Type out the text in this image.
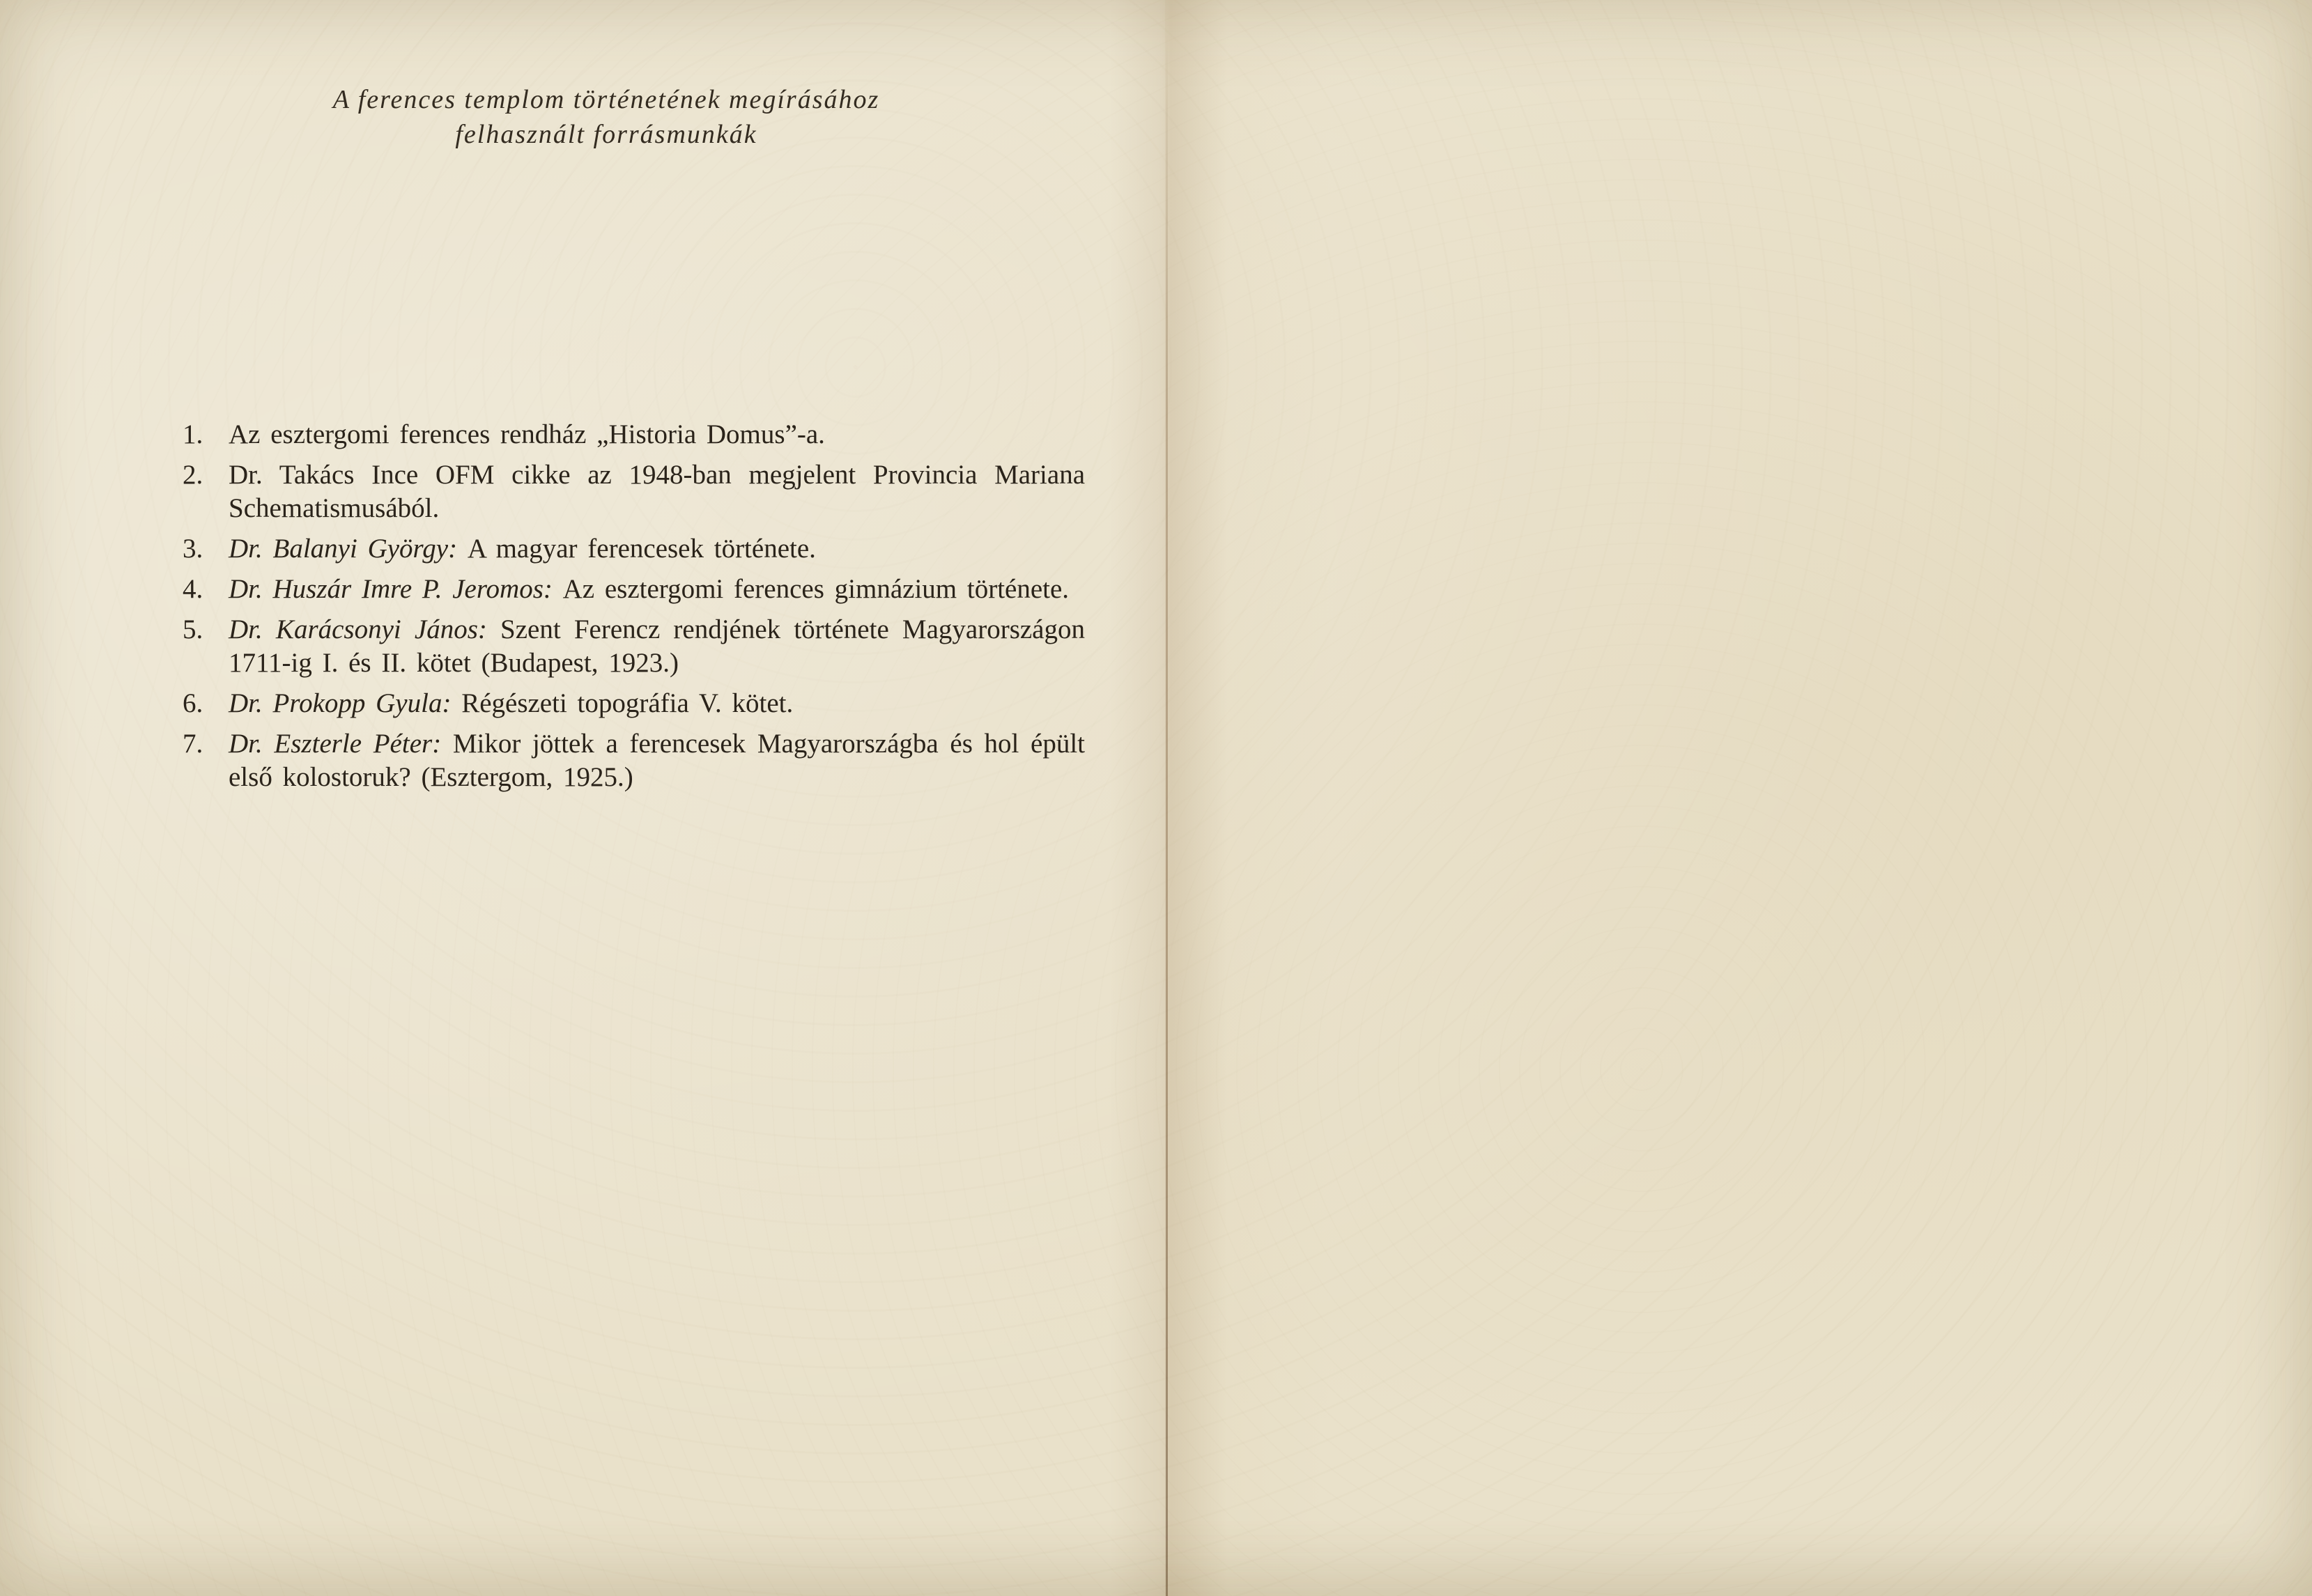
A ferences templom történetének megírásához
felhasznált forrásmunkák
1. Az esztergomi ferences rendház „Historia Domus”-a.
2. Dr. Takács Ince OFM cikke az 1948-ban megjelent Provincia Mariana Schematismusából.
3. Dr. Balanyi György: A magyar ferencesek története.
4. Dr. Huszár Imre P. Jeromos: Az esztergomi ferences gimnázium története.
5. Dr. Karácsonyi János: Szent Ferencz rendjének története Magyarországon 1711-ig I. és II. kötet (Budapest, 1923.)
6. Dr. Prokopp Gyula: Régészeti topográfia V. kötet.
7. Dr. Eszterle Péter: Mikor jöttek a ferencesek Magyarországba és hol épült első kolostoruk? (Esztergom, 1925.)
